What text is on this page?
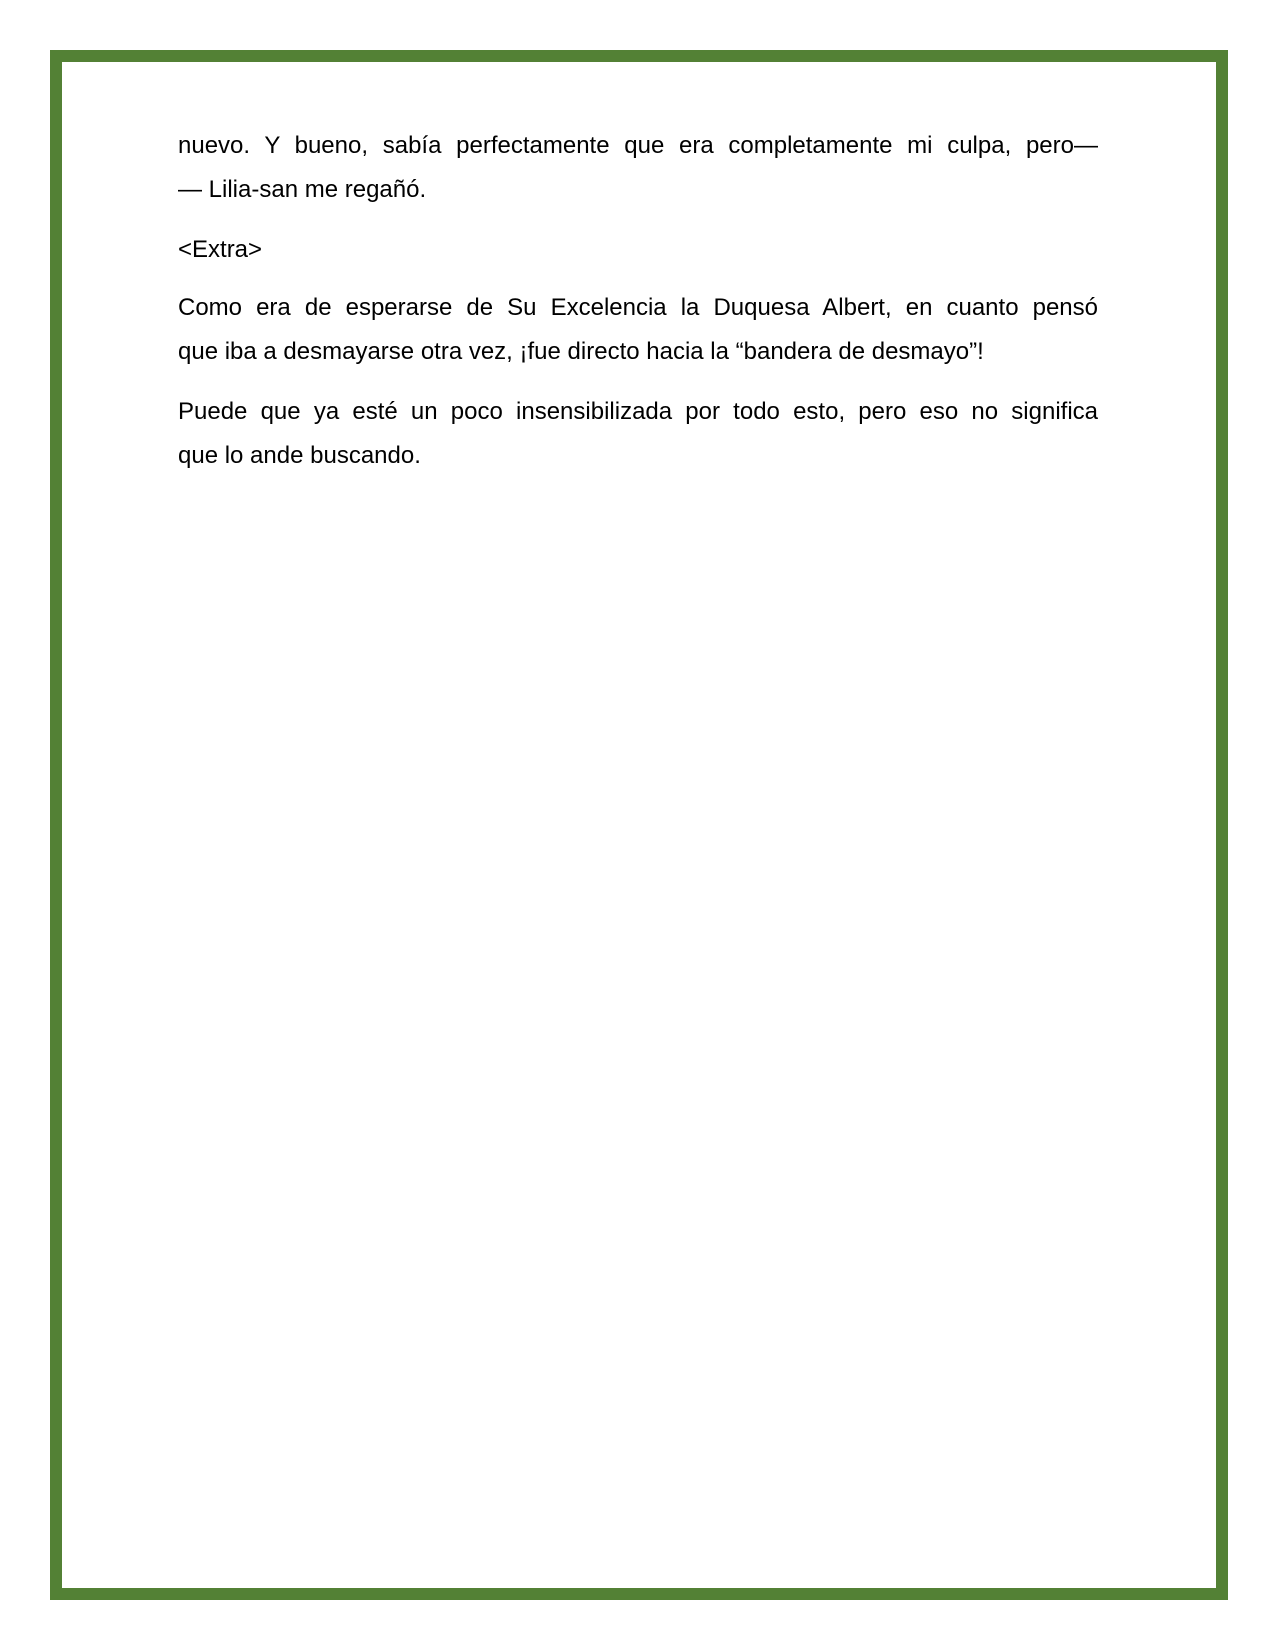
nuevo. Y bueno, sabía perfectamente que era completamente mi culpa, pero—
— Lilia-san me regañó.

<Extra>

Como era de esperarse de Su Excelencia la Duquesa Albert, en cuanto pensó
que iba a desmayarse otra vez, ¡fue directo hacia la “bandera de desmayo”!

Puede que ya esté un poco insensibilizada por todo esto, pero eso no significa
que lo ande buscando.
